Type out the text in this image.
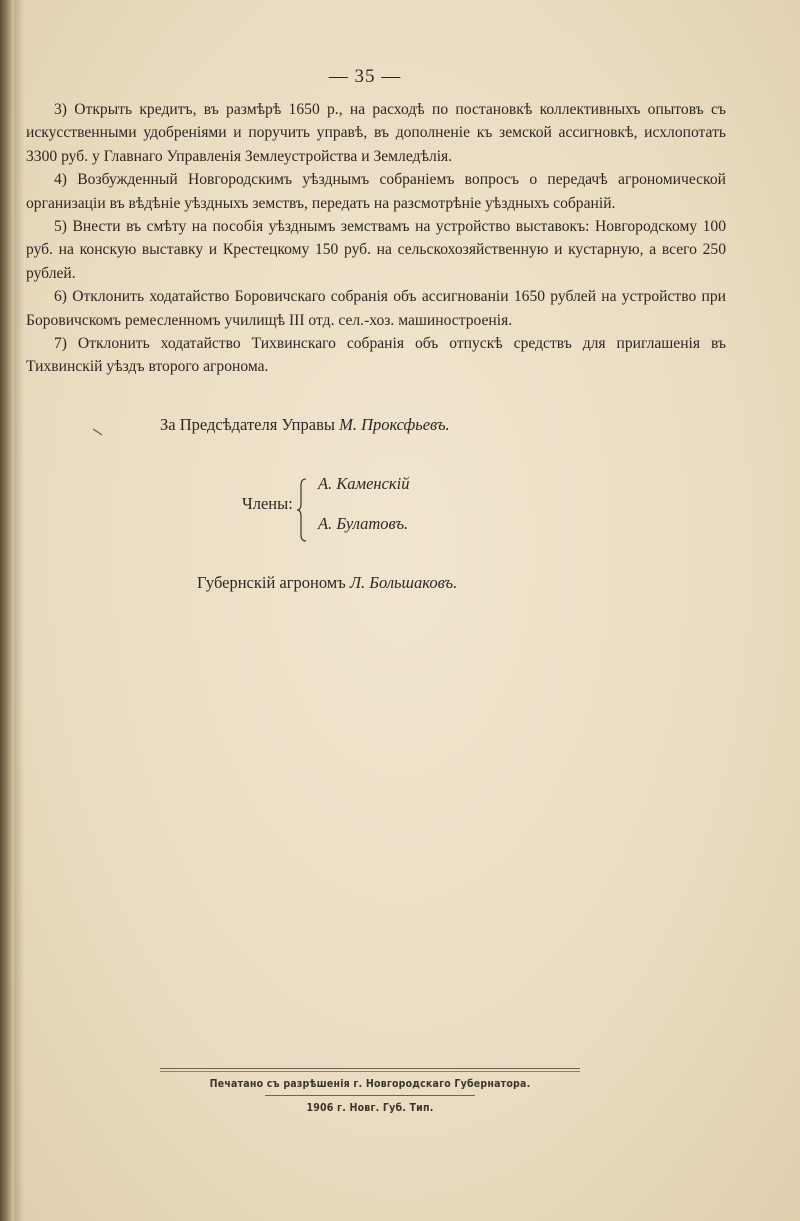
— 35 —

3) Открыть кредитъ, въ размѣрѣ 1650 р., на расходѣ по постановкѣ коллективныхъ опытовъ съ искусственными удобреніями и поручить управѣ, въ дополненіе къ земской ассигновкѣ, исхлопотать 3300 руб. у Главнаго Управленія Землеустройства и Земледѣлія.

4) Возбужденный Новгородскимъ уѣзднымъ собраніемъ вопросъ о передачѣ агрономической организаціи въ вѣдѣніе уѣздныхъ земствъ, передать на разсмотрѣніе уѣздныхъ собраній.

5) Внести въ смѣту на пособія уѣзднымъ земствамъ на устройство выставокъ: Новгородскому 100 руб. на конскую выставку и Крестецкому 150 руб. на сельскохозяйственную и кустарную, а всего 250 рублей.

6) Отклонить ходатайство Боровичскаго собранія объ ассигнованіи 1650 рублей на устройство при Боровичскомъ ремесленномъ училищѣ III отд. сел.-хоз. машиностроенія.

7) Отклонить ходатайство Тихвинскаго собранія объ отпускѣ средствъ для приглашенія въ Тихвинскій уѣздъ второго агронома.

За Предсѣдателя Управы М. Проксфьевъ.
Члены:
А. Каменскій
А. Булатовъ.
Губернскій агрономъ Л. Большаковъ.
Печатано съ разрѣшенія г. Новгородскаго Губернатора.
1906 г. Новг. Губ. Тип.
